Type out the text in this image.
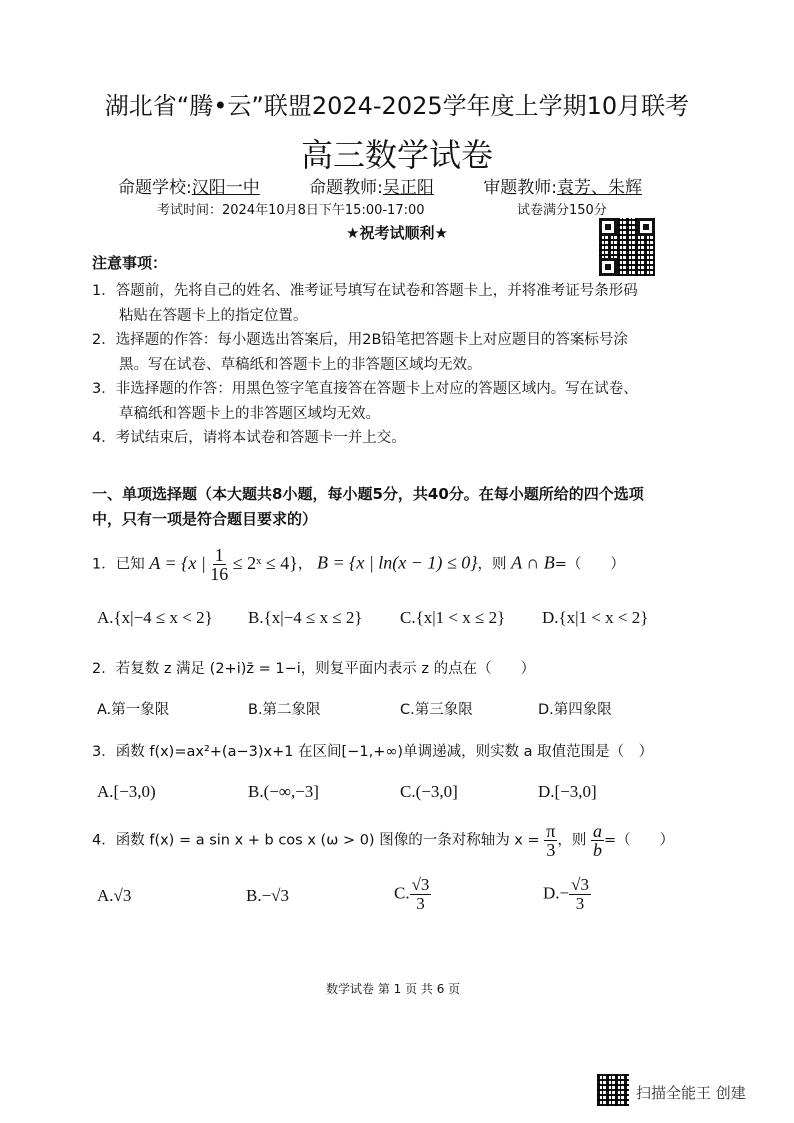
湖北省“腾•云”联盟2024-2025学年度上学期10月联考
高三数学试卷
命题学校:汉阳一中	命题教师:吴正阳	审题教师:袁芳、朱辉
考试时间：2024年10月8日下午15:00-17:00	试卷满分150分
★祝考试顺利★
注意事项：
1．答题前，先将自己的姓名、准考证号填写在试卷和答题卡上，并将准考证号条形码
粘贴在答题卡上的指定位置。
2．选择题的作答：每小题选出答案后，用2B铅笔把答题卡上对应题目的答案标号涂
黑。写在试卷、草稿纸和答题卡上的非答题区域均无效。
3．非选择题的作答：用黑色签字笔直接答在答题卡上对应的答题区域内。写在试卷、
草稿纸和答题卡上的非答题区域均无效。
4．考试结束后，请将本试卷和答题卡一并上交。
一、单项选择题（本大题共8小题，每小题5分，共40分。在每小题所给的四个选项
中，只有一项是符合题目要求的）
1．已知 A = {x | $\frac{1}{16}$ ≤ 2ˣ ≤ 4}， B = {x | ln(x − 1) ≤ 0}，则 A ∩ B=（　　）
A.{x|−4 ≤ x < 2} B.{x|−4 ≤ x ≤ 2} C.{x|1 < x ≤ 2} D.{x|1 < x < 2}
2．若复数 z 满足 (2+i)z̄ = 1−i，则复平面内表示 z 的点在（　　）
A.第一象限	B.第二象限	C.第三象限	D.第四象限
3．函数 f(x)=ax²+(a−3)x+1 在区间[−1,+∞)单调递减，则实数 a 取值范围是（　）
A.[−3,0)	B.(−∞,−3]	C.(−3,0]	D.[−3,0]
4．函数 f(x) = a sin x + b cos x (ω > 0) 图像的一条对称轴为 $x = \frac{\pi}{3}$ ，则 $\frac{a}{b}$ =（　　）
A.√3	B.−√3	C. $\frac{√3}{3}$	$D.- \frac{√3}{3}$
数学试卷 第 1 页 共 6 页
扫描全能王 创建
